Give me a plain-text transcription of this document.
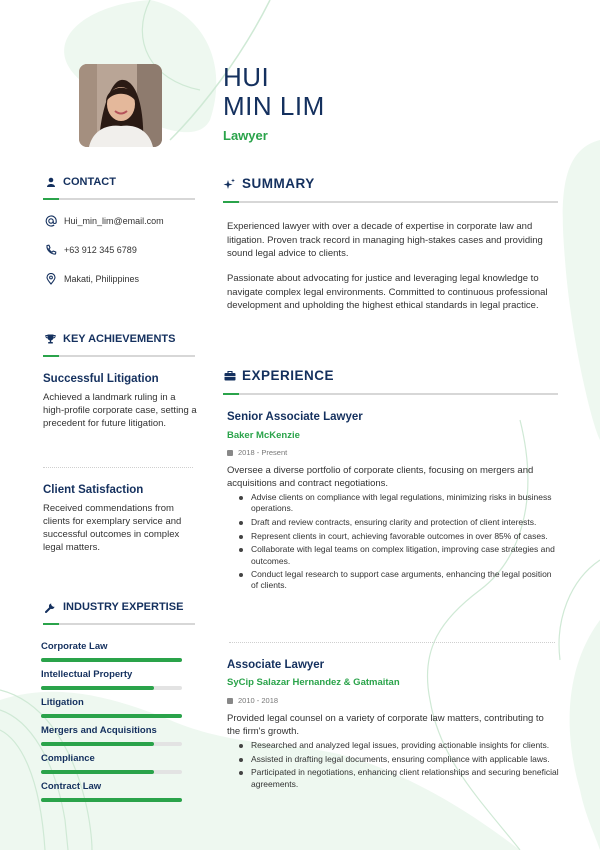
HUI
MIN LIM
Lawyer
CONTACT
Hui_min_lim@email.com
+63 912 345 6789
Makati, Philippines
KEY ACHIEVEMENTS
Successful Litigation
Achieved a landmark ruling in a high-profile corporate case, setting a precedent for future litigation.
Client Satisfaction
Received commendations from clients for exemplary service and successful outcomes in complex legal matters.
INDUSTRY EXPERTISE
Corporate Law
Intellectual Property
Litigation
Mergers and Acquisitions
Compliance
Contract Law
SUMMARY
Experienced lawyer with over a decade of expertise in corporate law and litigation. Proven track record in managing high-stakes cases and providing sound legal advice to clients.
Passionate about advocating for justice and leveraging legal knowledge to navigate complex legal environments. Committed to continuous professional development and upholding the highest ethical standards in legal practice.
EXPERIENCE
Senior Associate Lawyer
Baker McKenzie
2018 - Present
Oversee a diverse portfolio of corporate clients, focusing on mergers and acquisitions and contract negotiations.
Advise clients on compliance with legal regulations, minimizing risks in business operations.
Draft and review contracts, ensuring clarity and protection of client interests.
Represent clients in court, achieving favorable outcomes in over 85% of cases.
Collaborate with legal teams on complex litigation, improving case strategies and outcomes.
Conduct legal research to support case arguments, enhancing the legal position of clients.
Associate Lawyer
SyCip Salazar Hernandez & Gatmaitan
2010 - 2018
Provided legal counsel on a variety of corporate law matters, contributing to the firm's growth.
Researched and analyzed legal issues, providing actionable insights for clients.
Assisted in drafting legal documents, ensuring compliance with applicable laws.
Participated in negotiations, enhancing client relationships and securing beneficial agreements.
